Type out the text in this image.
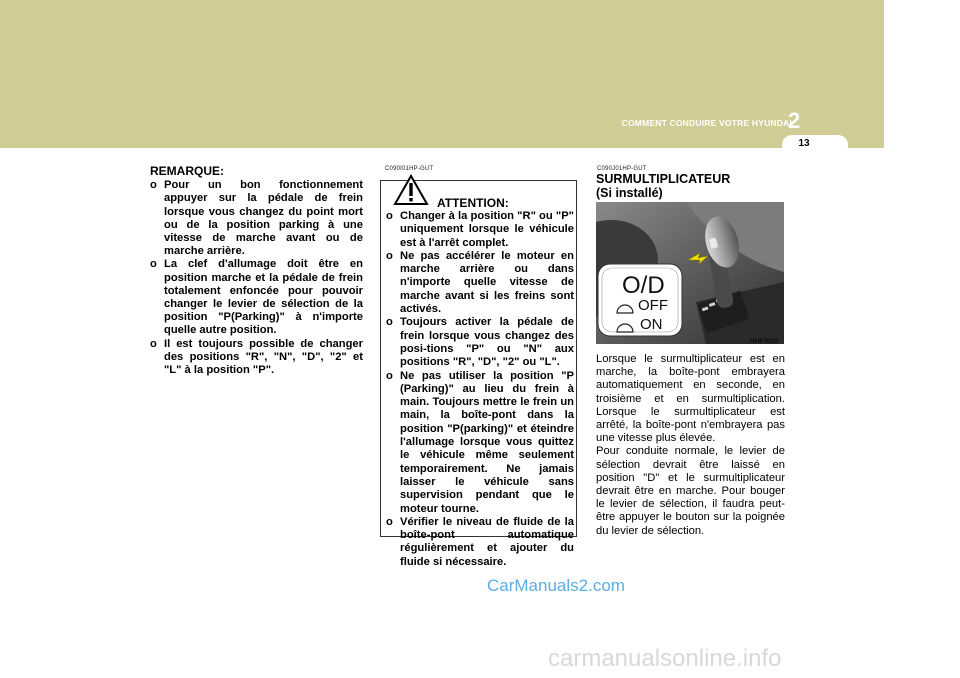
COMMENT CONDUIRE VOTRE HYUNDAI
2
13
REMARQUE:
o Pour un bon fonctionnement appuyer sur la pédale de frein lorsque vous changez du point mort ou de la position parking à une vitesse de marche avant ou de marche arrière.
o La clef d'allumage doit être en position marche et la pédale de frein totalement enfoncée pour pouvoir changer le levier de sélection de la position "P(Parking)" à n'importe quelle autre position.
o Il est toujours possible de changer des positions "R", "N", "D", "2" et "L" à la position "P".
C090I01HP-GUT
ATTENTION:
o Changer à la position "R" ou "P" uniquement lorsque le véhicule est à l'arrêt complet.
o Ne pas accélérer le moteur en marche arrière ou dans n'importe quelle vitesse de marche avant si les freins sont activés.
o Toujours activer la pédale de frein lorsque vous changez des posi-tions "P" ou "N" aux positions "R", "D", "2" ou "L".
o Ne pas utiliser la position "P (Parking)" au lieu du frein à main. Toujours mettre le frein un main, la boîte-pont dans la position "P(parking)" et éteindre l'allumage lorsque vous quittez le véhicule même seulement temporairement. Ne jamais laisser le véhicule sans supervision pendant que le moteur tourne.
o Vérifier le niveau de fluide de la boîte-pont automatique régulièrement et ajouter du fluide si nécessaire.
C090J01HP-GUT
SURMULTIPLICATEUR
(Si installé)
O/D
OFF
ON
HHP3019

Lorsque le surmultiplicateur est en marche, la boîte-pont embrayera automatiquement en seconde, en troisième et en surmultiplication. Lorsque le surmultiplicateur est arrêté, la boîte-pont n'embrayera pas une vitesse plus élevée.

Pour conduite normale, le levier de sélection devrait être laissé en position "D" et le surmultiplicateur devrait être en marche. Pour bouger le levier de sélection, il faudra peut-être appuyer le bouton sur la poignée du levier de sélection.

CarManuals2.com
carmanualsonline.info
